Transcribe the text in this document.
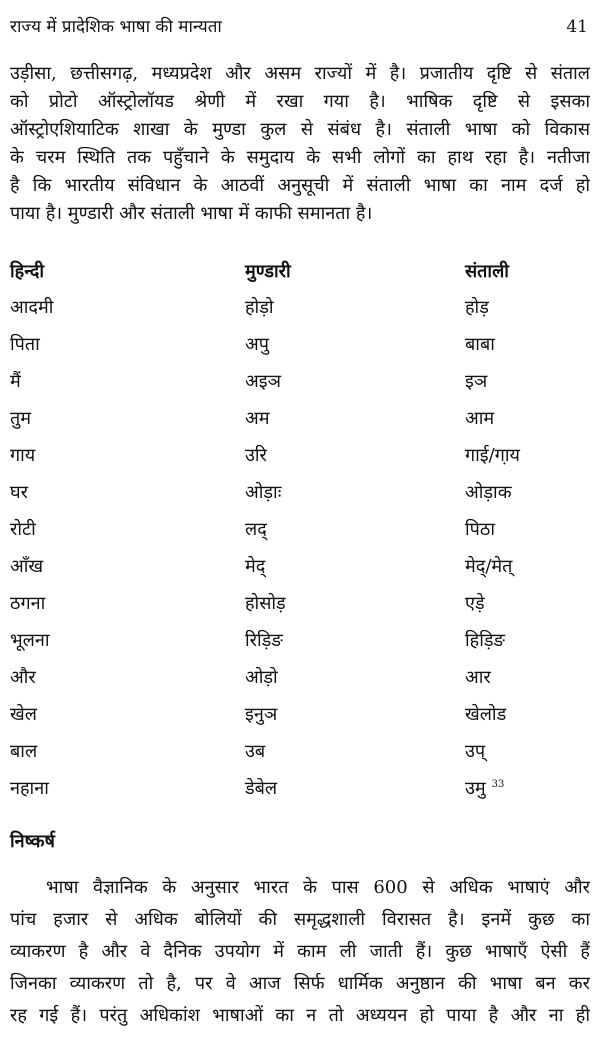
राज्य में प्रादेशिक भाषा की मान्यता	41
उड़ीसा, छत्तीसगढ़, मध्यप्रदेश और असम राज्यों में है। प्रजातीय दृष्टि से संताल
को प्रोटो ऑस्ट्रोलॉयड श्रेणी में रखा गया है। भाषिक दृष्टि से इसका
ऑस्ट्रोएशियाटिक शाखा के मुण्डा कुल से संबंध है। संताली भाषा को विकास
के चरम स्थिति तक पहुँचाने के समुदाय के सभी लोगों का हाथ रहा है। नतीजा
है कि भारतीय संविधान के आठवीं अनुसूची में संताली भाषा का नाम दर्ज हो
पाया है। मुण्डारी और संताली भाषा में काफी समानता है।
हिन्दी	मुण्डारी	संताली
आदमी	होड़ो	होड़
पिता	अपु	बाबा
मैं	अइञ	इञ
तुम	अम	आम
गाय	उरि	गाई/गा़य
घर	ओड़ाः	ओड़ाक
रोटी	लद्	पिठा
आँख	मेद्	मेद्/मेत्
ठगना	होसोड़	एड़े
भूलना	रिड़िङ	हिड़िङ
और	ओड़ो	आर
खेल	इनुञ	खेलोड
बाल	उब	उप्
नहाना	डेबेल	उमु $^{33}$
निष्कर्ष
भाषा वैज्ञानिक के अनुसार भारत के पास 600 से अधिक भाषाएं और
पांच हजार से अधिक बोलियों की समृद्धशाली विरासत है। इनमें कुछ का
व्याकरण है और वे दैनिक उपयोग में काम ली जाती हैं। कुछ भाषाएँ ऐसी हैं
जिनका व्याकरण तो है, पर वे आज सिर्फ धार्मिक अनुष्ठान की भाषा बन कर
रह गई हैं। परंतु अधिकांश भाषाओं का न तो अध्ययन हो पाया है और ना ही
